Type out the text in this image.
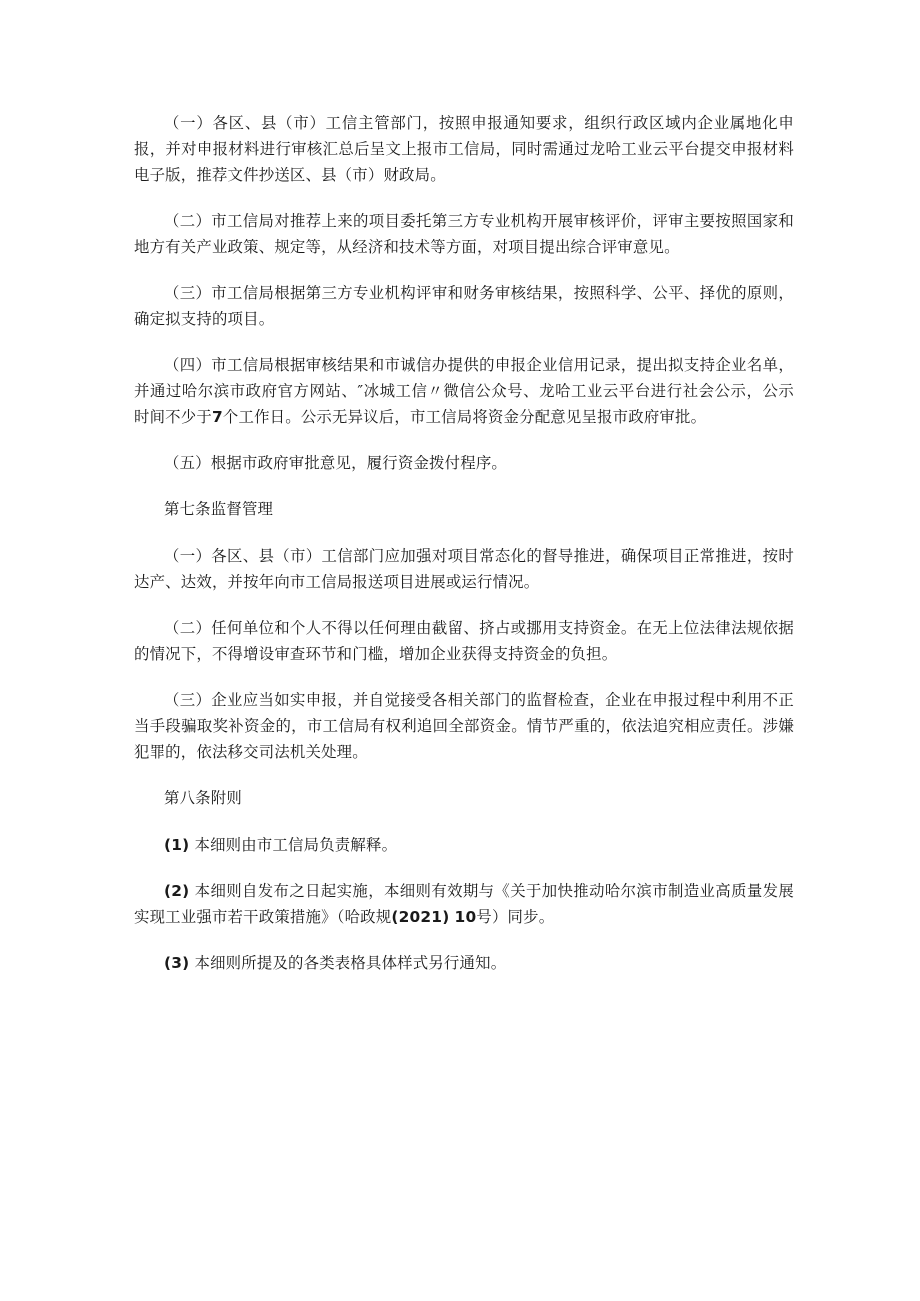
（一）各区、县（市）工信主管部门，按照申报通知要求，组织行政区域内企业属地化申报，并对申报材料进行审核汇总后呈文上报市工信局，同时需通过龙哈工业云平台提交申报材料电子版，推荐文件抄送区、县（市）财政局。

（二）市工信局对推荐上来的项目委托第三方专业机构开展审核评价，评审主要按照国家和地方有关产业政策、规定等，从经济和技术等方面，对项目提出综合评审意见。

（三）市工信局根据第三方专业机构评审和财务审核结果，按照科学、公平、择优的原则，确定拟支持的项目。

（四）市工信局根据审核结果和市诚信办提供的申报企业信用记录，提出拟支持企业名单，并通过哈尔滨市政府官方网站、″冰城工信〃微信公众号、龙哈工业云平台进行社会公示，公示时间不少于7个工作日。公示无异议后，市工信局将资金分配意见呈报市政府审批。

（五）根据市政府审批意见，履行资金拨付程序。

第七条监督管理

（一）各区、县（市）工信部门应加强对项目常态化的督导推进，确保项目正常推进，按时达产、达效，并按年向市工信局报送项目进展或运行情况。

（二）任何单位和个人不得以任何理由截留、挤占或挪用支持资金。在无上位法律法规依据的情况下，不得增设审查环节和门槛，增加企业获得支持资金的负担。

（三）企业应当如实申报，并自觉接受各相关部门的监督检查，企业在申报过程中利用不正当手段骗取奖补资金的，市工信局有权利追回全部资金。情节严重的，依法追究相应责任。涉嫌犯罪的，依法移交司法机关处理。

第八条附则

(1) 本细则由市工信局负责解释。

(2) 本细则自发布之日起实施，本细则有效期与《关于加快推动哈尔滨市制造业高质量发展实现工业强市若干政策措施》（哈政规(2021) 10号）同步。

(3) 本细则所提及的各类表格具体样式另行通知。
